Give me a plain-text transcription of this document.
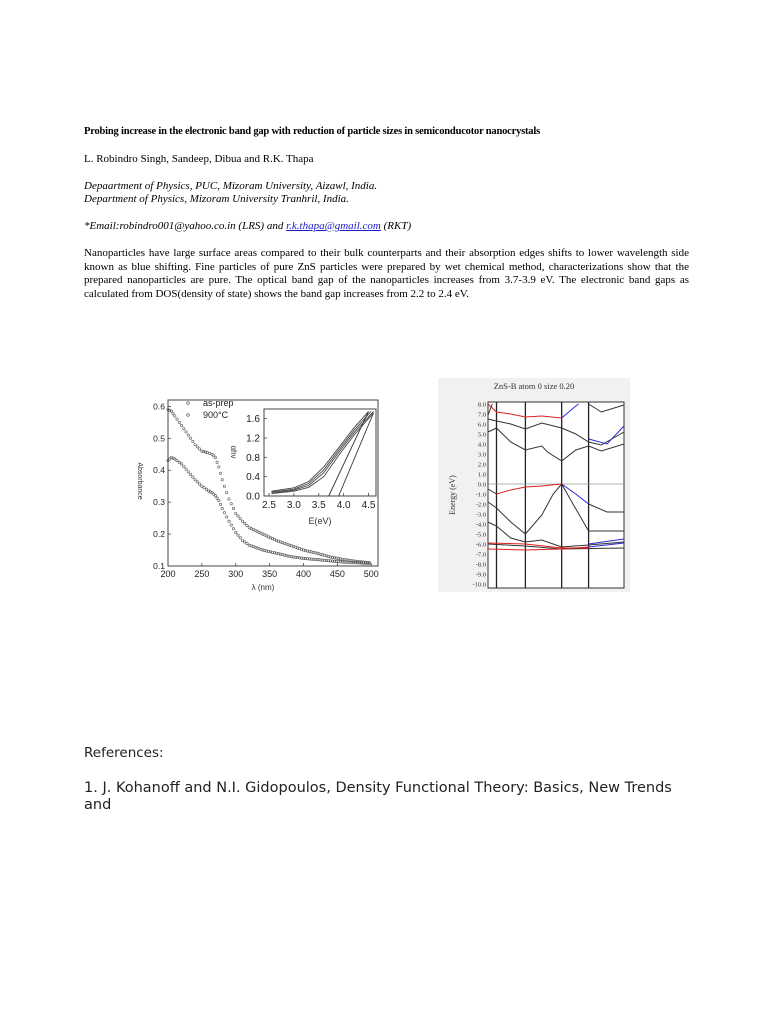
Probing increase in the electronic band gap with reduction of particle sizes in semiconducotor nanocrystals
L. Robindro Singh, Sandeep, Dibua and R.K. Thapa
Depaartment of Physics, PUC, Mizoram University, Aizawl, India.
Department of Physics, Mizoram University Tranhril, India.
*Email:robindro001@yahoo.co.in (LRS) and r.k.thapa@gmail.com (RKT)
Nanoparticles have large surface areas compared to their bulk counterparts and their absorption edges shifts to lower wavelength side known as blue shifting. Fine particles of pure ZnS particles were prepared by wet chemical method, characterizations show that the prepared nanoparticles are pure. The optical band gap of the nanoparticles increases from 3.7-3.9 eV. The electronic band gaps as calculated from DOS(density of state) shows the band gap increases from 2.2 to 2.4 eV.
200 250 300 350 400 450 500
0.1
0.2
0.3
0.4
0.5
0.6
λ (nm)
Absorbance
as-prep
900°C
2.5 3.0 3.5 4.0 4.5
0.0
0.4
0.8
1.2
1.6
E(eV)
αhν
ZnS-B atom 0 size 0.20
8.0
7.0
6.0
5.0
4.0
3.0
2.0
1.0
0.0
-1.0
-2.0
-3.0
-4.0
-5.0
-6.0
-7.0
-8.0
-9.0
-10.0
Energy (eV)
References:
1. J. Kohanoff and N.I. Gidopoulos, Density Functional Theory: Basics, New Trends and
